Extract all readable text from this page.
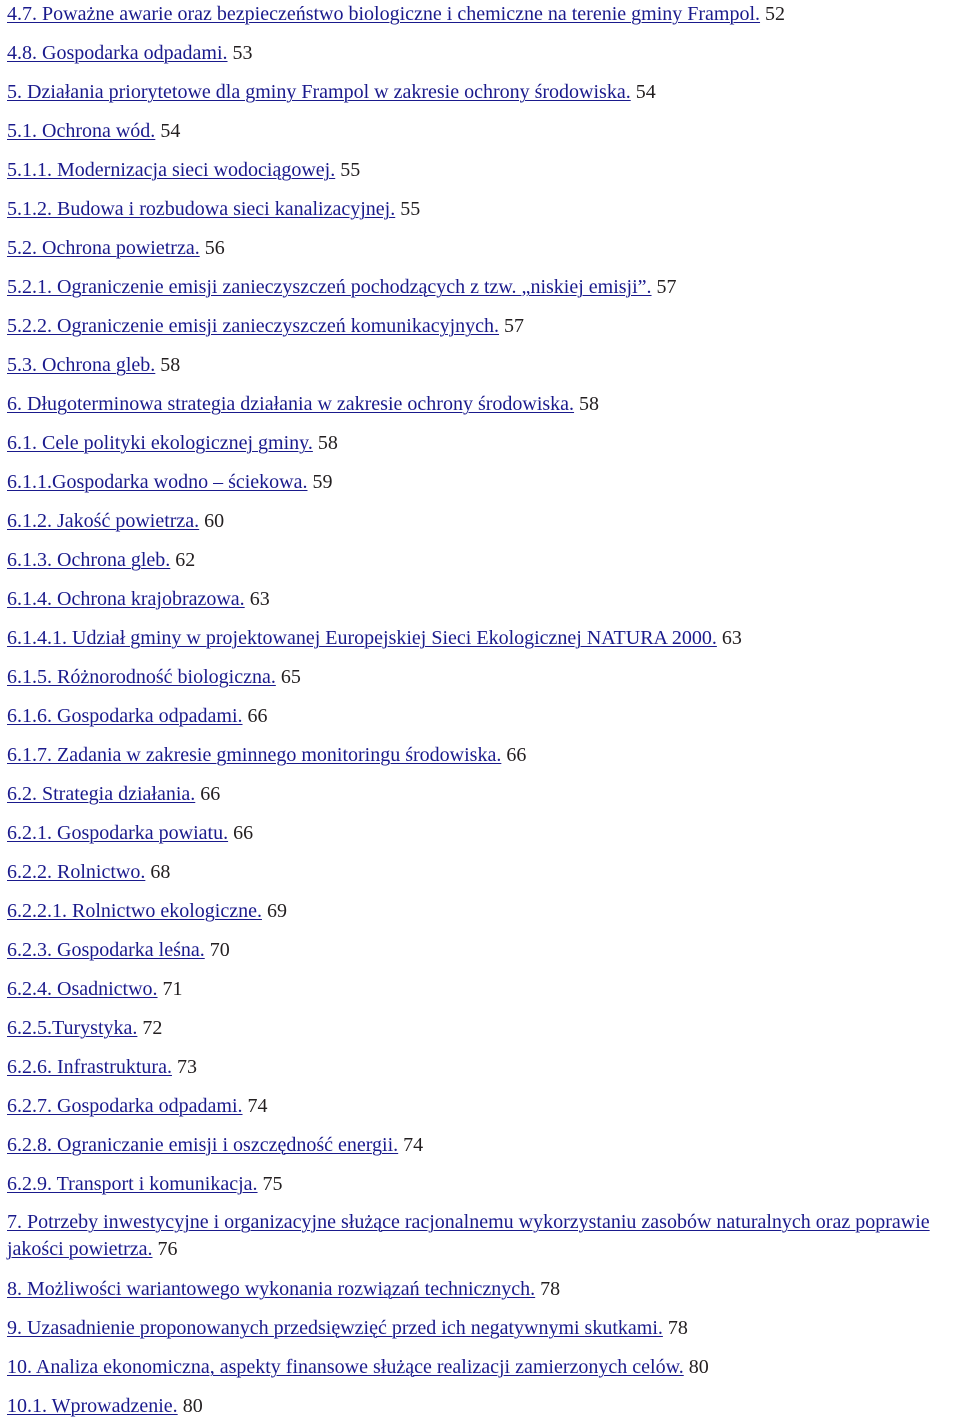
4.7. Poważne awarie oraz bezpieczeństwo biologiczne i chemiczne na terenie gminy Frampol. 52
4.8. Gospodarka odpadami. 53
5. Działania priorytetowe dla gminy Frampol w zakresie ochrony środowiska. 54
5.1. Ochrona wód. 54
5.1.1. Modernizacja sieci wodociągowej. 55
5.1.2. Budowa i rozbudowa sieci kanalizacyjnej. 55
5.2. Ochrona powietrza. 56
5.2.1. Ograniczenie emisji zanieczyszczeń pochodzących z tzw. „niskiej emisji”. 57
5.2.2. Ograniczenie emisji zanieczyszczeń komunikacyjnych. 57
5.3. Ochrona gleb. 58
6. Długoterminowa strategia działania w zakresie ochrony środowiska. 58
6.1. Cele polityki ekologicznej gminy. 58
6.1.1.Gospodarka wodno – ściekowa. 59
6.1.2. Jakość powietrza. 60
6.1.3. Ochrona gleb. 62
6.1.4. Ochrona krajobrazowa. 63
6.1.4.1. Udział gminy w projektowanej Europejskiej Sieci Ekologicznej NATURA 2000. 63
6.1.5. Różnorodność biologiczna. 65
6.1.6. Gospodarka odpadami. 66
6.1.7. Zadania w zakresie gminnego monitoringu środowiska. 66
6.2. Strategia działania. 66
6.2.1. Gospodarka powiatu. 66
6.2.2. Rolnictwo. 68
6.2.2.1. Rolnictwo ekologiczne. 69
6.2.3. Gospodarka leśna. 70
6.2.4. Osadnictwo. 71
6.2.5.Turystyka. 72
6.2.6. Infrastruktura. 73
6.2.7. Gospodarka odpadami. 74
6.2.8. Ograniczanie emisji i oszczędność energii. 74
6.2.9. Transport i komunikacja. 75
7. Potrzeby inwestycyjne i organizacyjne służące racjonalnemu wykorzystaniu zasobów naturalnych oraz poprawie jakości powietrza. 76
8. Możliwości wariantowego wykonania rozwiązań technicznych. 78
9. Uzasadnienie proponowanych przedsięwzięć przed ich negatywnymi skutkami. 78
10. Analiza ekonomiczna, aspekty finansowe służące realizacji zamierzonych celów. 80
10.1. Wprowadzenie. 80
